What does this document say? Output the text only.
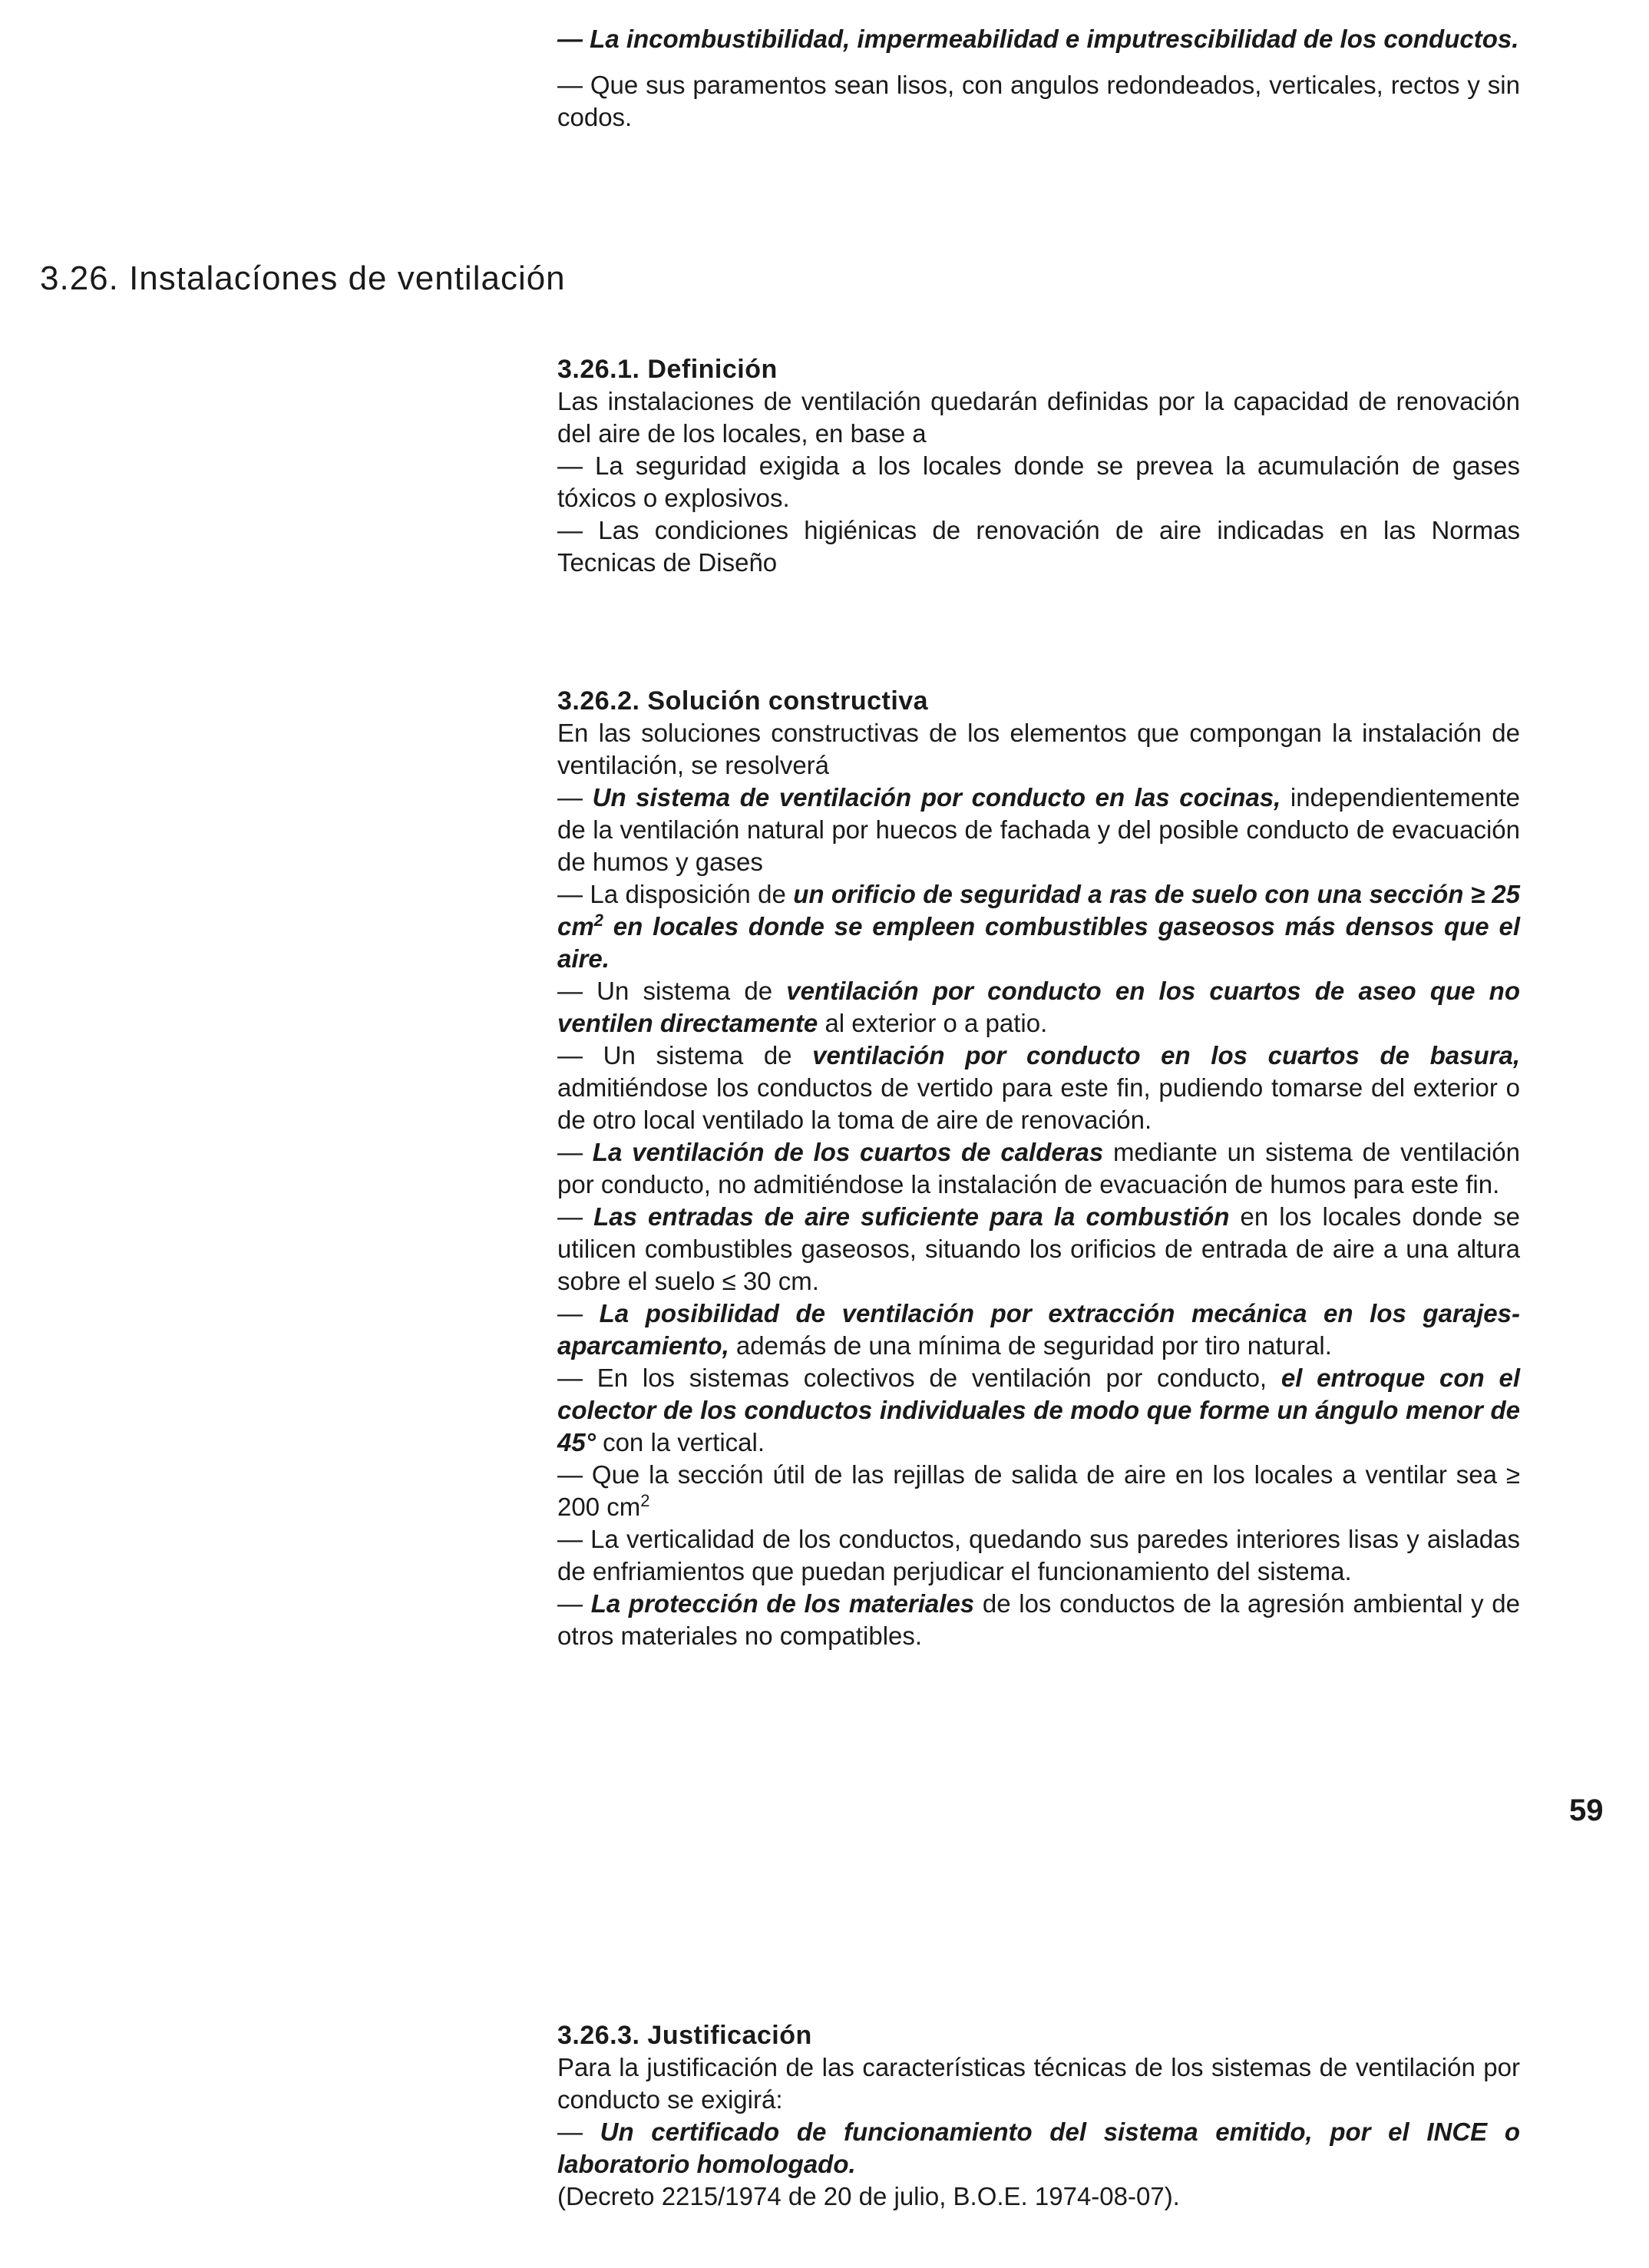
— La incombustibilidad, impermeabilidad e imputrescibilidad de los conductos.

— Que sus paramentos sean lisos, con angulos redondeados, verticales, rectos y sin codos.

3.26. Instalacíones de ventilación

3.26.1. Definición

Las instalaciones de ventilación quedarán definidas por la capacidad de renovación del aire de los locales, en base a

— La seguridad exigida a los locales donde se prevea la acumulación de gases tóxicos o explosivos.

— Las condiciones higiénicas de renovación de aire indicadas en las Normas Tecnicas de Diseño

3.26.2. Solución constructiva

En las soluciones constructivas de los elementos que compongan la instalación de ventilación, se resolverá

— Un sistema de ventilación por conducto en las cocinas, independientemente de la ventilación natural por huecos de fachada y del posible conducto de evacuación de humos y gases

— La disposición de un orificio de seguridad a ras de suelo con una sección ≥ 25 $cm^2$ en locales donde se empleen combustibles gaseosos más densos que el aire.

— Un sistema de ventilación por conducto en los cuartos de aseo que no ventilen directamente al exterior o a patio.

— Un sistema de ventilación por conducto en los cuartos de basura, admitiéndose los conductos de vertido para este fin, pudiendo tomarse del exterior o de otro local ventilado la toma de aire de renovación.

— La ventilación de los cuartos de calderas mediante un sistema de ventilación por conducto, no admitiéndose la instalación de evacuación de humos para este fin.

— Las entradas de aire suficiente para la combustión en los locales donde se utilicen combustibles gaseosos, situando los orificios de entrada de aire a una altura sobre el suelo ≤ 30 cm.

— La posibilidad de ventilación por extracción mecánica en los garajes-aparcamiento, además de una mínima de seguridad por tiro natural.

— En los sistemas colectivos de ventilación por conducto, el entroque con el colector de los conductos individuales de modo que forme un ángulo menor de 45° con la vertical.

— Que la sección útil de las rejillas de salida de aire en los locales a ventilar sea ≥ 200 $cm^2$

— La verticalidad de los conductos, quedando sus paredes interiores lisas y aisladas de enfriamientos que puedan perjudicar el funcionamiento del sistema.

— La protección de los materiales de los conductos de la agresión ambiental y de otros materiales no compatibles.

3.26.3. Justificación

Para la justificación de las características técnicas de los sistemas de ventilación por conducto se exigirá:

— Un certificado de funcionamiento del sistema emitido, por el INCE o laboratorio homologado.

(Decreto 2215/1974 de 20 de julio, B.O.E. 1974-08-07).

59
